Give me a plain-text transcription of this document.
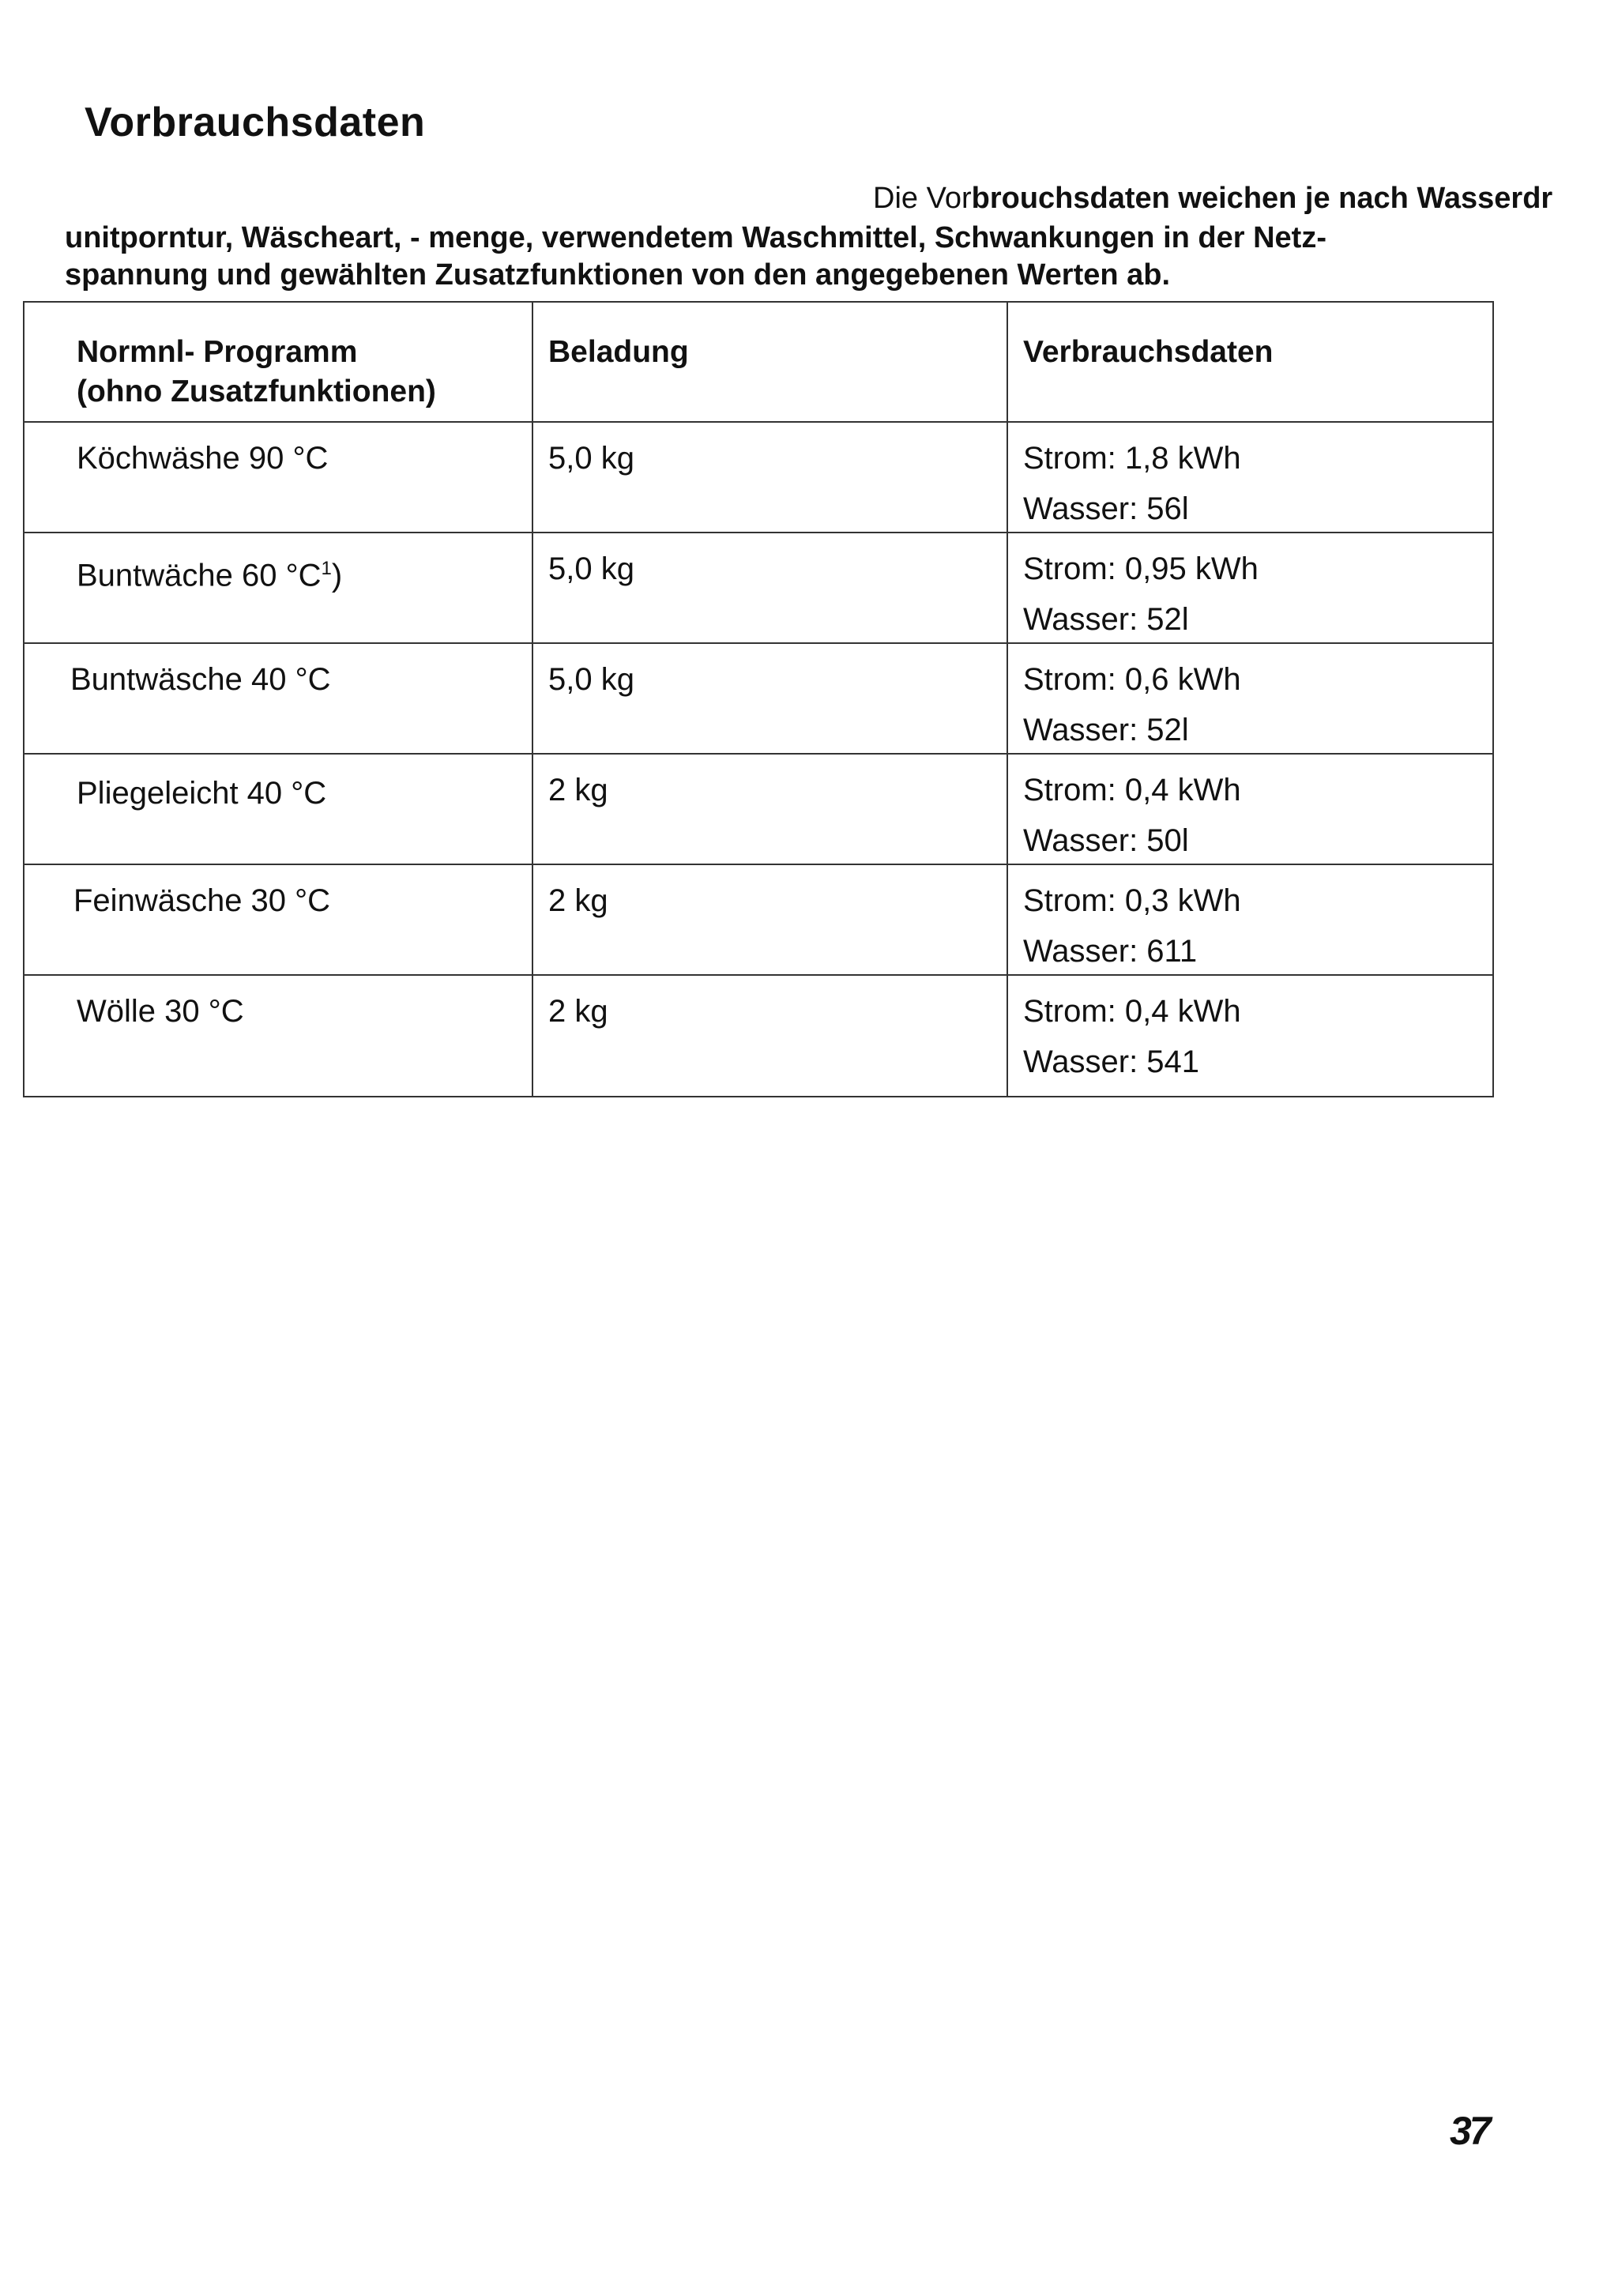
Vorbrauchsdaten
Die Vorbrouchsdaten weichen je nach Wasserdr
unitporntur, Wäscheart, - menge, verwendetem Waschmittel, Schwankungen in der Netz-
spannung und gewählten Zusatzfunktionen von den angegebenen Werten ab.
Normnl- Programm
(ohno Zusatzfunktionen)	Beladung	Verbrauchsdaten

Köchwäshe 90 °C	5,0 kg	Strom: 1,8 kWh
Wasser: 56l

Buntwäche 60 $^\circ C^1$)	5,0 kg	Strom: 0,95 kWh
Wasser: 52l

Buntwäsche 40 °C	5,0 kg	Strom: 0,6 kWh
Wasser: 52l

Pliegeleicht 40 °C	2 kg	Strom: 0,4 kWh
Wasser: 50l

Feinwäsche 30 °C	2 kg	Strom: 0,3 kWh
Wasser: 611

Wölle 30 °C	2 kg	Strom: 0,4 kWh
Wasser: 541
37
